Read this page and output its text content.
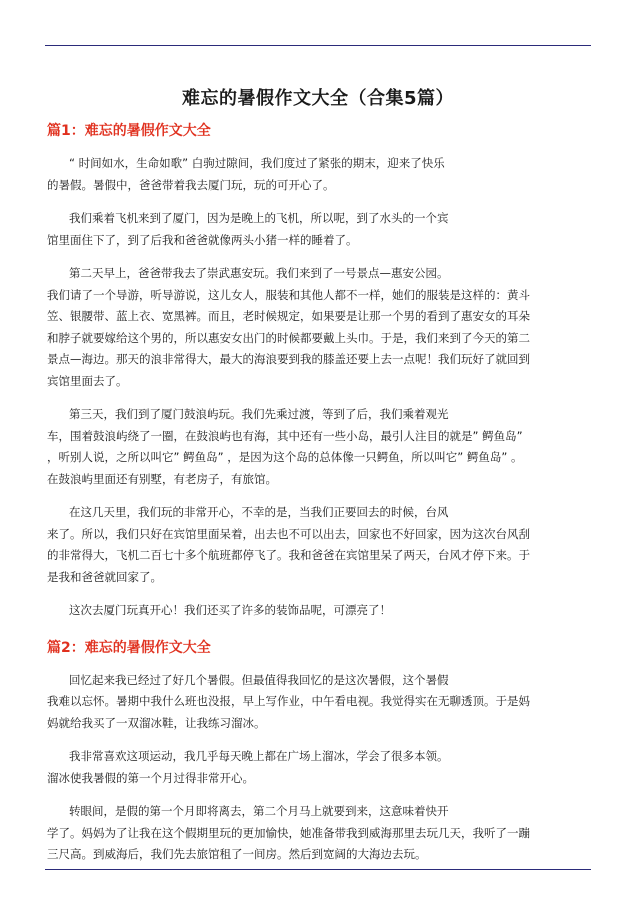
难忘的暑假作文大全（合集5篇）
篇1：难忘的暑假作文大全
“ 时间如水，生命如歌” 白驹过隙间，我们度过了紧张的期末，迎来了快乐
的暑假。暑假中，爸爸带着我去厦门玩，玩的可开心了。
我们乘着飞机来到了厦门，因为是晚上的飞机，所以呢，到了水头的一个宾
馆里面住下了，到了后我和爸爸就像两头小猪一样的睡着了。
第二天早上，爸爸带我去了崇武惠安玩。我们来到了一号景点—惠安公园。
我们请了一个导游，听导游说，这儿女人，服装和其他人都不一样，她们的服装是这样的：黄斗
笠、银腰带、蓝上衣、宽黑裤。而且，老时候规定，如果要是让那一个男的看到了惠安女的耳朵
和脖子就要嫁给这个男的，所以惠安女出门的时候都要戴上头巾。于是，我们来到了今天的第二
景点—海边。那天的浪非常得大，最大的海浪要到我的膝盖还要上去一点呢！我们玩好了就回到
宾馆里面去了。
第三天，我们到了厦门鼓浪屿玩。我们先乘过渡，等到了后，我们乘着观光
车，围着鼓浪屿绕了一圈，在鼓浪屿也有海，其中还有一些小岛，最引人注目的就是” 鳄鱼岛”
，听别人说，之所以叫它” 鳄鱼岛” ，是因为这个岛的总体像一只鳄鱼，所以叫它” 鳄鱼岛” 。
在鼓浪屿里面还有别墅，有老房子，有旅馆。
在这几天里，我们玩的非常开心，不幸的是，当我们正要回去的时候，台风
来了。所以，我们只好在宾馆里面呆着，出去也不可以出去，回家也不好回家，因为这次台风刮
的非常得大，飞机二百七十多个航班都停飞了。我和爸爸在宾馆里呆了两天，台风才停下来。于
是我和爸爸就回家了。
这次去厦门玩真开心！我们还买了许多的装饰品呢，可漂亮了！
篇2：难忘的暑假作文大全
回忆起来我已经过了好几个暑假。但最值得我回忆的是这次暑假，这个暑假
我难以忘怀。暑期中我什么班也没报，早上写作业，中午看电视。我觉得实在无聊透顶。于是妈
妈就给我买了一双溜冰鞋，让我练习溜冰。
我非常喜欢这项运动，我几乎每天晚上都在广场上溜冰，学会了很多本领。
溜冰使我暑假的第一个月过得非常开心。
转眼间，是假的第一个月即将离去，第二个月马上就要到来，这意味着快开
学了。妈妈为了让我在这个假期里玩的更加愉快，她准备带我到威海那里去玩几天，我听了一蹦
三尺高。到威海后，我们先去旅馆租了一间房。然后到宽阔的大海边去玩。
